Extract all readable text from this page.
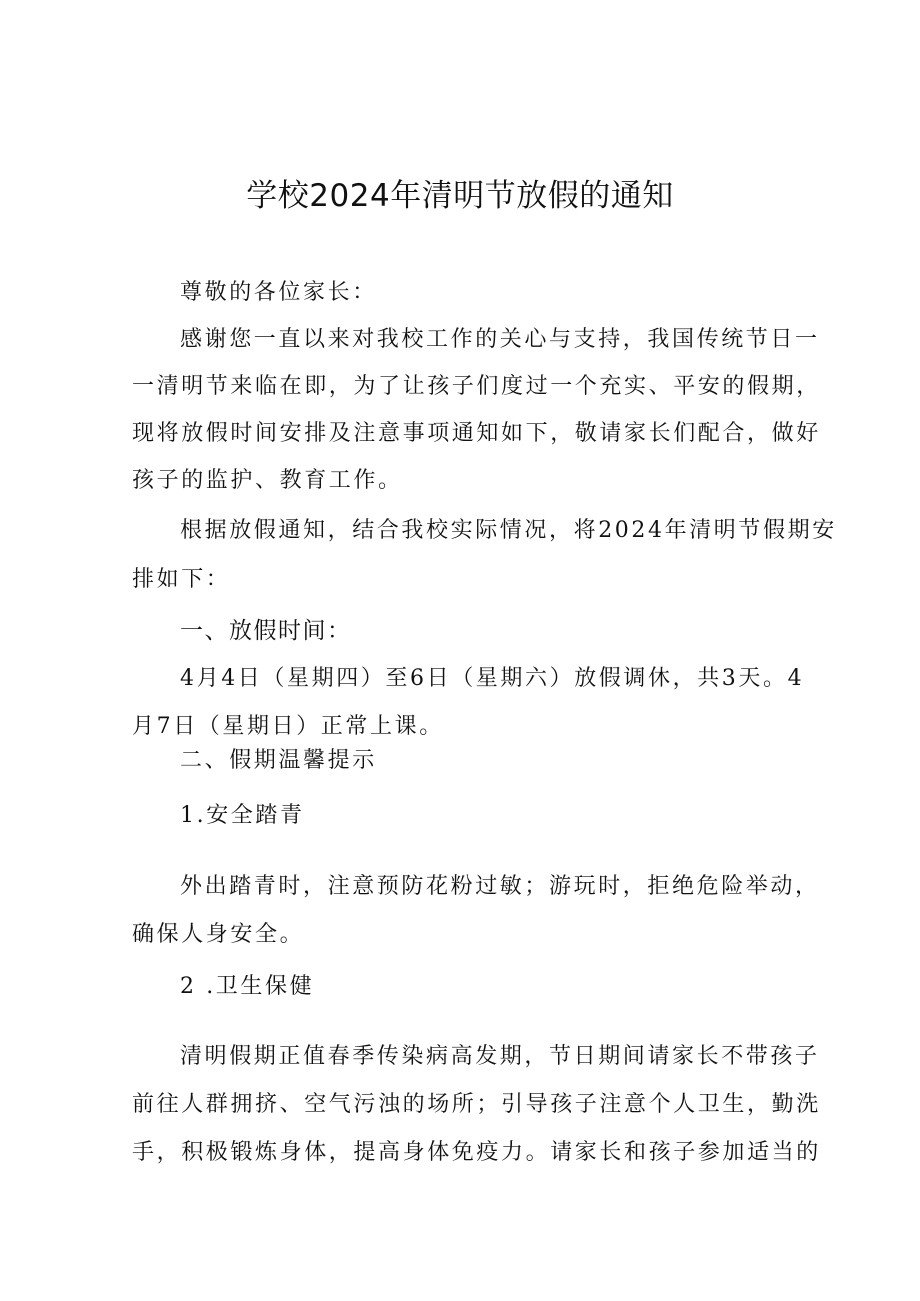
学校2024年清明节放假的通知
尊敬的各位家长：
感谢您一直以来对我校工作的关心与支持，我国传统节日一
一清明节来临在即，为了让孩子们度过一个充实、平安的假期，
现将放假时间安排及注意事项通知如下，敬请家长们配合，做好
孩子的监护、教育工作。
根据放假通知，结合我校实际情况，将2024年清明节假期安
排如下：
一、放假时间：
4月4日（星期四）至6日（星期六）放假调休，共3天。4
月7日（星期日）正常上课。
二、假期温馨提示
1.安全踏青
外出踏青时，注意预防花粉过敏；游玩时，拒绝危险举动，
确保人身安全。
2 .卫生保健
清明假期正值春季传染病高发期，节日期间请家长不带孩子
前往人群拥挤、空气污浊的场所；引导孩子注意个人卫生，勤洗
手，积极锻炼身体，提高身体免疫力。请家长和孩子参加适当的
